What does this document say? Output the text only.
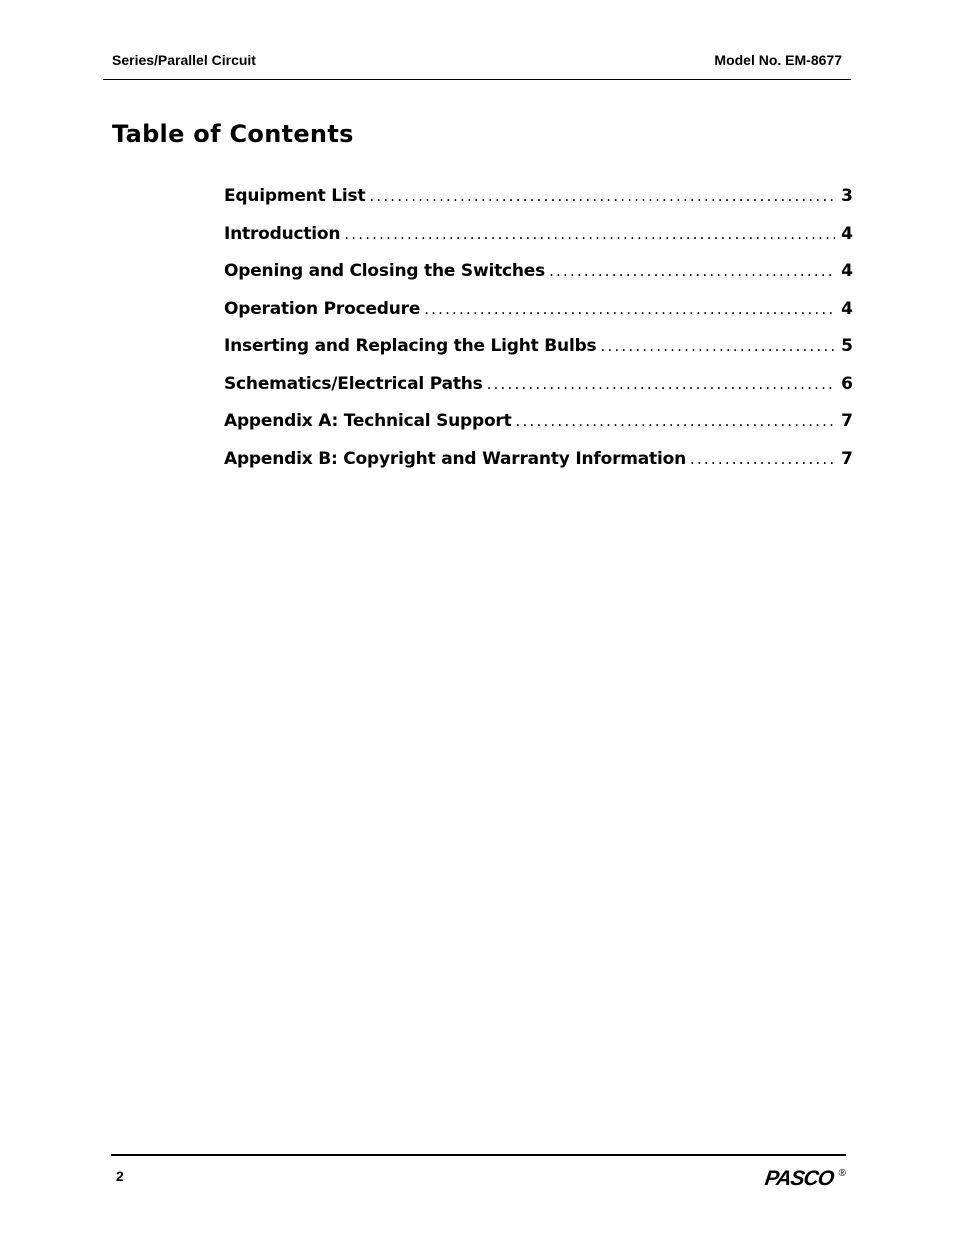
Series/Parallel Circuit	Model No. EM-8677
Table of Contents
Equipment List .....	3
Introduction .....	4
Opening and Closing the Switches .....	4
Operation Procedure .....	4
Inserting and Replacing the Light Bulbs .....	5
Schematics/Electrical Paths .....	6
Appendix A: Technical Support .....	7
Appendix B: Copyright and Warranty Information .....	7
2	PASCO ®
